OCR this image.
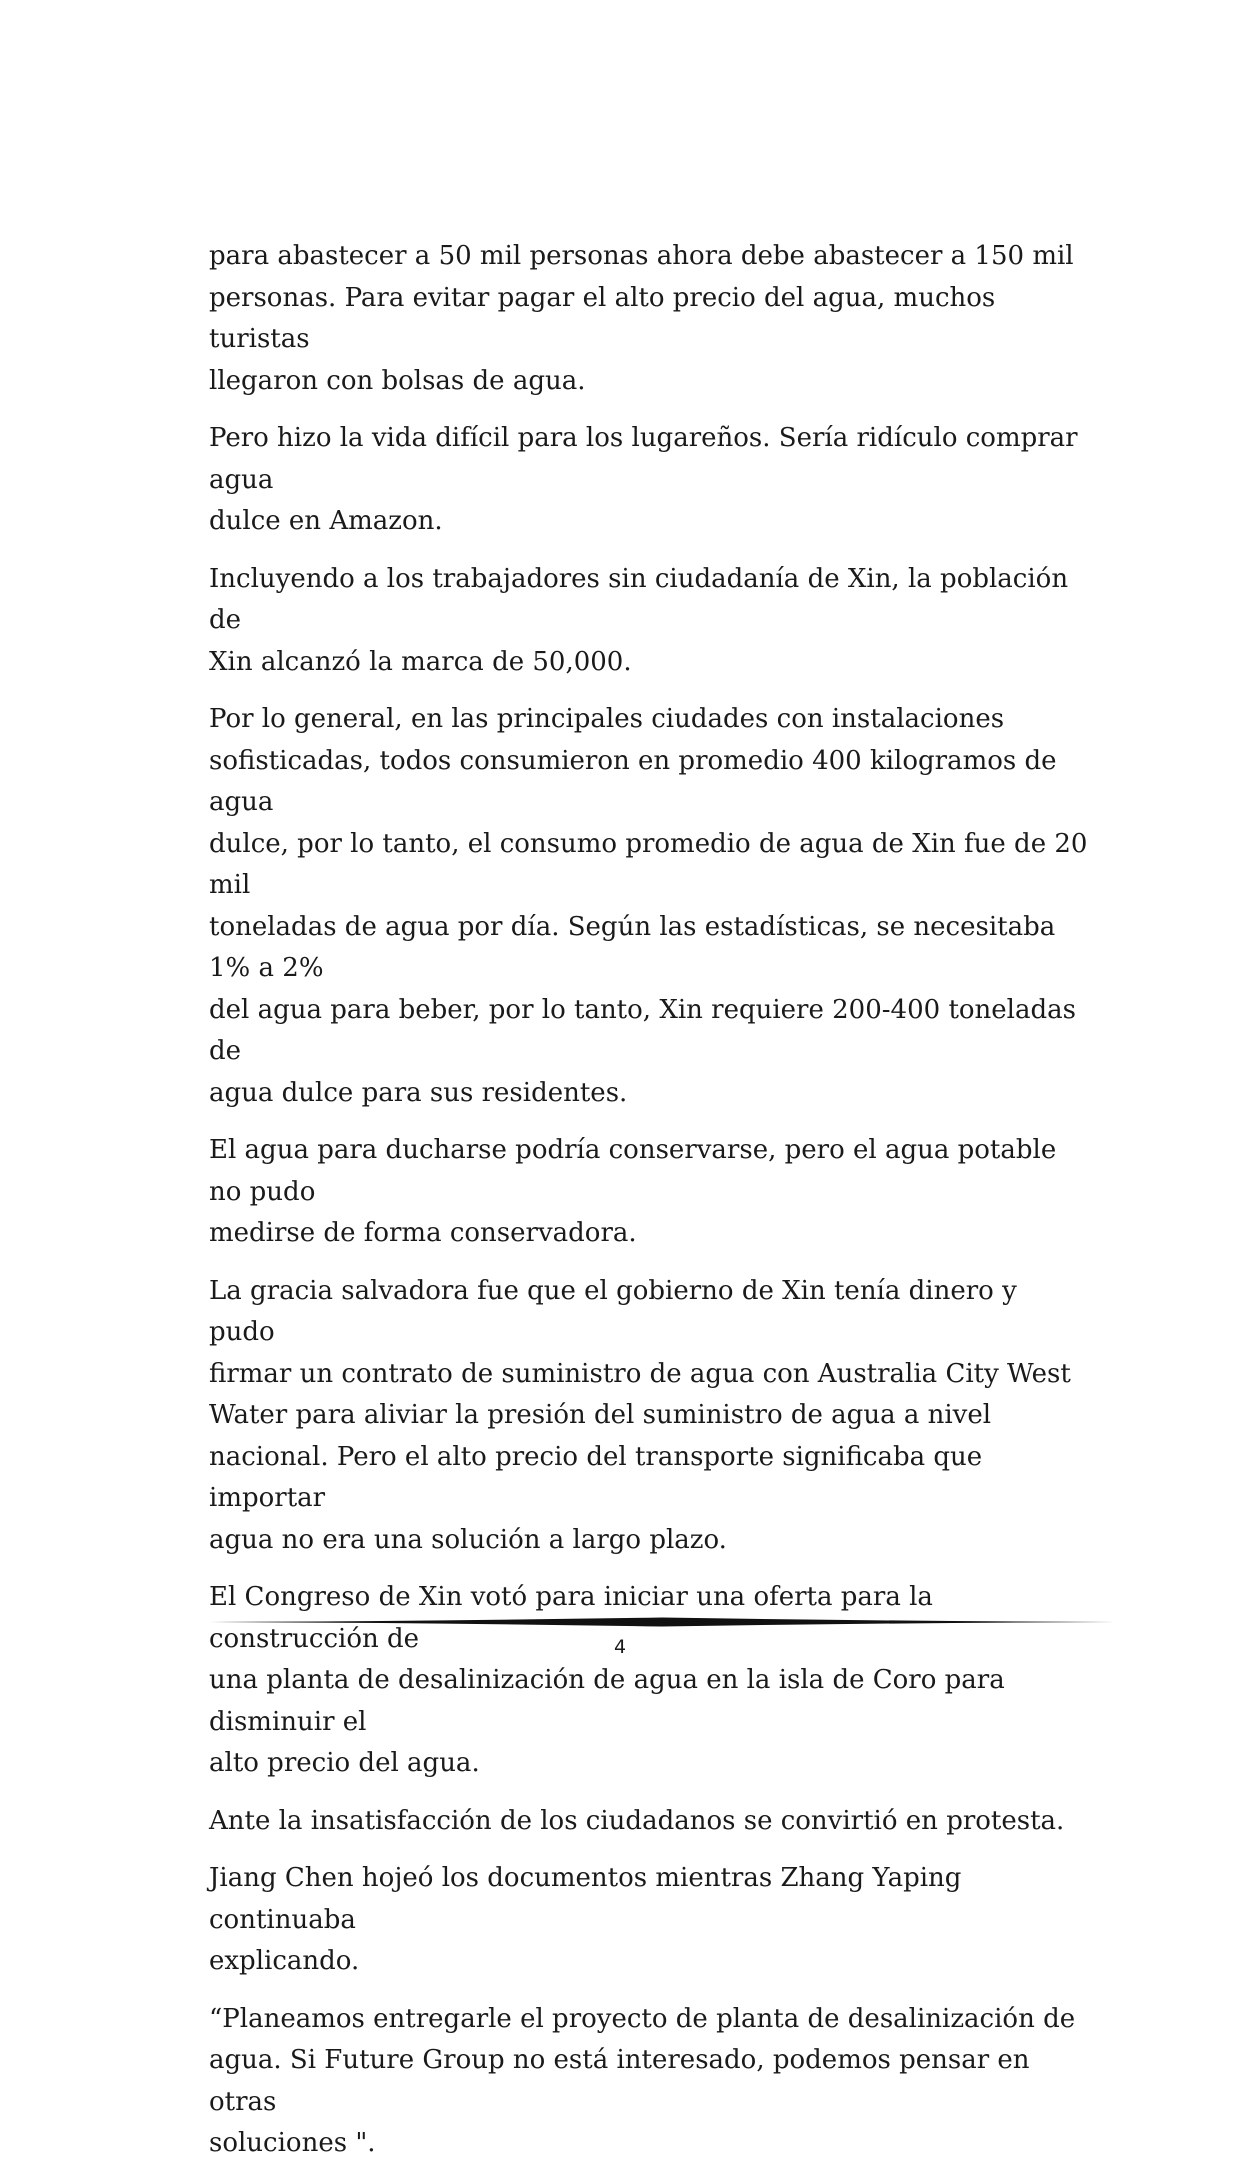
para abastecer a 50 mil personas ahora debe abastecer a 150 mil
personas. Para evitar pagar el alto precio del agua, muchos turistas
llegaron con bolsas de agua.

Pero hizo la vida difícil para los lugareños. Sería ridículo comprar agua
dulce en Amazon.

Incluyendo a los trabajadores sin ciudadanía de Xin, la población de
Xin alcanzó la marca de 50,000.

Por lo general, en las principales ciudades con instalaciones
sofisticadas, todos consumieron en promedio 400 kilogramos de agua
dulce, por lo tanto, el consumo promedio de agua de Xin fue de 20 mil
toneladas de agua por día. Según las estadísticas, se necesitaba 1% a 2%
del agua para beber, por lo tanto, Xin requiere 200-400 toneladas de
agua dulce para sus residentes.

El agua para ducharse podría conservarse, pero el agua potable no pudo
medirse de forma conservadora.

La gracia salvadora fue que el gobierno de Xin tenía dinero y pudo
firmar un contrato de suministro de agua con Australia City West
Water para aliviar la presión del suministro de agua a nivel
nacional. Pero el alto precio del transporte significaba que importar
agua no era una solución a largo plazo.

El Congreso de Xin votó para iniciar una oferta para la construcción de
una planta de desalinización de agua en la isla de Coro para disminuir el
alto precio del agua.

Ante la insatisfacción de los ciudadanos se convirtió en protesta.

Jiang Chen hojeó los documentos mientras Zhang Yaping continuaba
explicando.

“Planeamos entregarle el proyecto de planta de desalinización de
agua. Si Future Group no está interesado, podemos pensar en otras
soluciones ".

4
